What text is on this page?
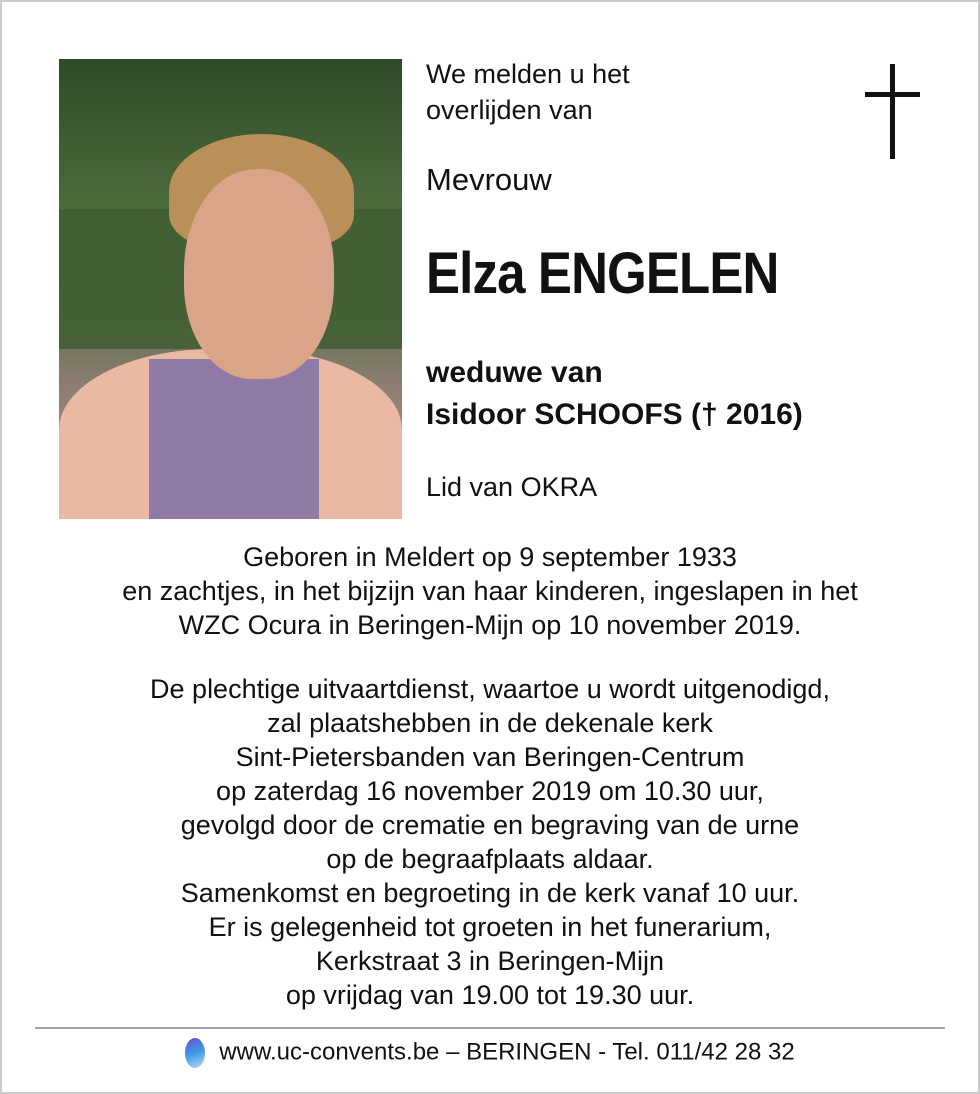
We melden u het
overlijden van
Mevrouw
Elza ENGELEN
weduwe van
Isidoor SCHOOFS († 2016)
Lid van OKRA
Geboren in Meldert op 9 september 1933
en zachtjes, in het bijzijn van haar kinderen, ingeslapen in het
WZC Ocura in Beringen-Mijn op 10 november 2019.
De plechtige uitvaartdienst, waartoe u wordt uitgenodigd,
zal plaatshebben in de dekenale kerk
Sint-Pietersbanden van Beringen-Centrum
op zaterdag 16 november 2019 om 10.30 uur,
gevolgd door de crematie en begraving van de urne
op de begraafplaats aldaar.
Samenkomst en begroeting in de kerk vanaf 10 uur.
Er is gelegenheid tot groeten in het funerarium,
Kerkstraat 3 in Beringen-Mijn
op vrijdag van 19.00 tot 19.30 uur.
www.uc-convents.be – BERINGEN - Tel. 011/42 28 32
